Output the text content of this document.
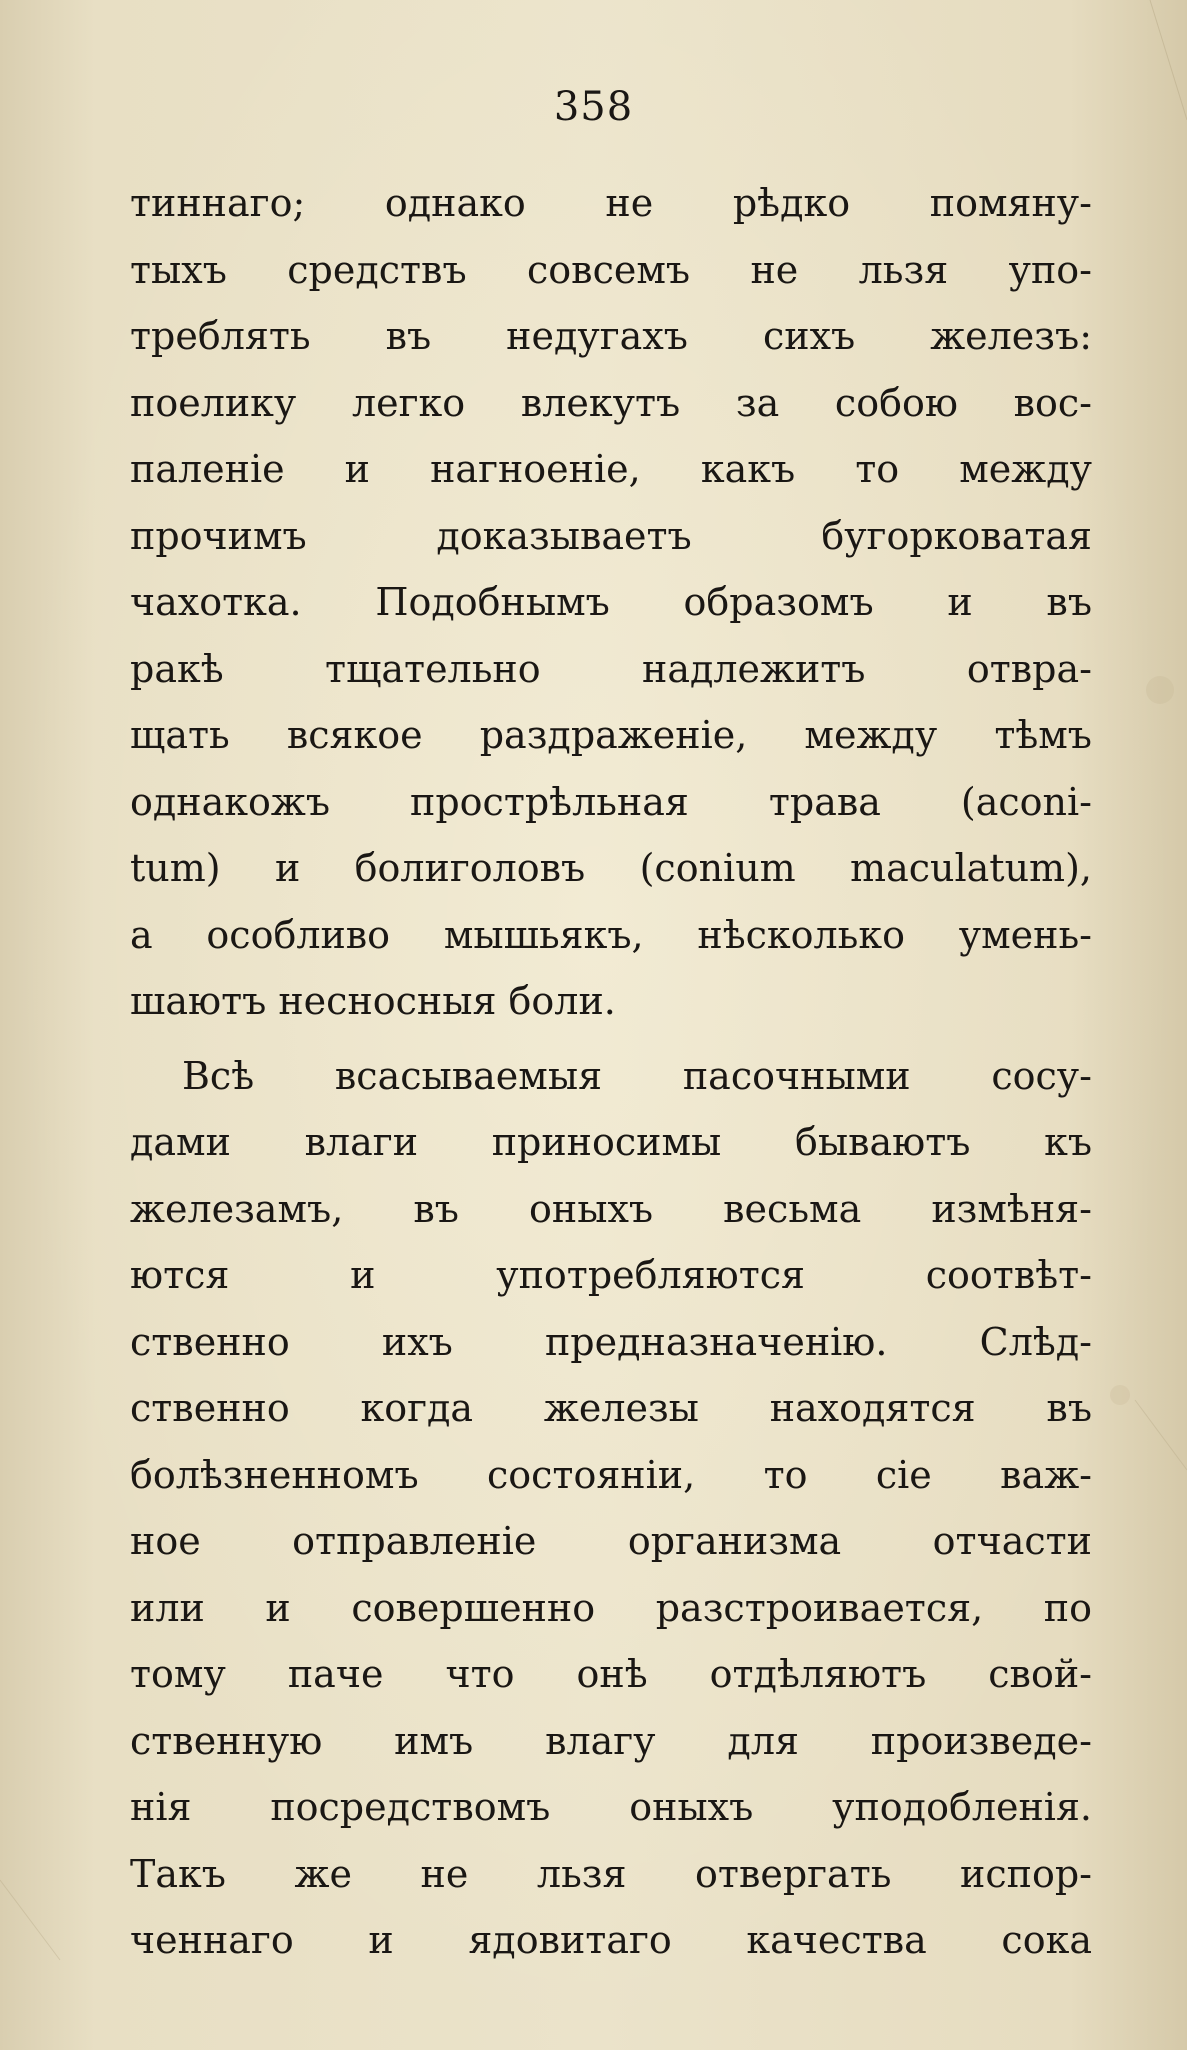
358
тиннаго; однако не рѣдко помяну-
тыхъ средствъ совсемъ не льзя упо-
треблять въ недугахъ сихъ железъ:
поелику легко влекутъ за собою вос-
паленіе и нагноеніе, какъ то между
прочимъ доказываетъ бугорковатая
чахотка. Подобнымъ образомъ и въ
ракѣ тщательно надлежитъ отвра-
щать всякое раздраженіе, между тѣмъ
однакожъ прострѣльная трава (aconi-
tum) и болиголовъ (conium maculatum),
а особливо мышьякъ, нѣсколько умень-
шаютъ несносныя боли.
Всѣ всасываемыя пасочными сосу-
дами влаги приносимы бываютъ къ
железамъ, въ оныхъ весьма измѣня-
ются и употребляются соотвѣт-
ственно ихъ предназначенію. Слѣд-
ственно когда железы находятся въ
болѣзненномъ состояніи, то сіе важ-
ное отправленіе организма отчасти
или и совершенно разстроивается, по
тому паче что онѣ отдѣляютъ свой-
ственную имъ влагу для произведе-
нія посредствомъ оныхъ уподобленія.
Такъ же не льзя отвергать испор-
ченнаго и ядовитаго качества сока
